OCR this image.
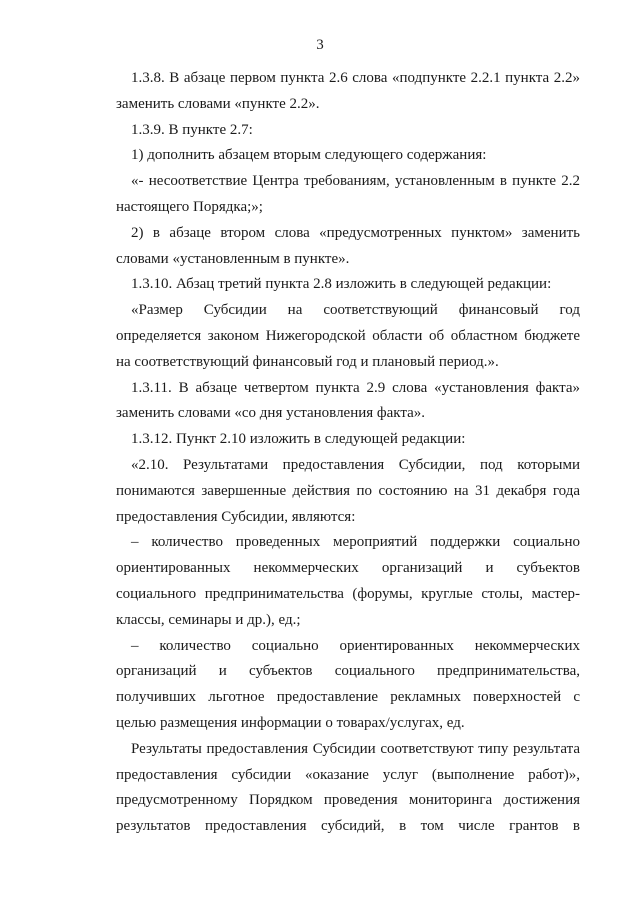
3

1.3.8. В абзаце первом пункта 2.6 слова «подпункте 2.2.1 пункта 2.2» заменить словами «пункте 2.2».

1.3.9. В пункте 2.7:

1) дополнить абзацем вторым следующего содержания:

«- несоответствие Центра требованиям, установленным в пункте 2.2 настоящего Порядка;»;

2) в абзаце втором слова «предусмотренных пунктом» заменить словами «установленным в пункте».

1.3.10. Абзац третий пункта 2.8 изложить в следующей редакции:

«Размер Субсидии на соответствующий финансовый год определяется законом Нижегородской области об областном бюджете на соответствующий финансовый год и плановый период.».

1.3.11. В абзаце четвертом пункта 2.9 слова «установления факта» заменить словами «со дня установления факта».

1.3.12. Пункт 2.10 изложить в следующей редакции:

«2.10. Результатами предоставления Субсидии, под которыми понимаются завершенные действия по состоянию на 31 декабря года предоставления Субсидии, являются:

– количество проведенных мероприятий поддержки социально ориентированных некоммерческих организаций и субъектов социального предпринимательства (форумы, круглые столы, мастер-классы, семинары и др.), ед.;

– количество социально ориентированных некоммерческих организаций и субъектов социального предпринимательства, получивших льготное предоставление рекламных поверхностей с целью размещения информации о товарах/услугах, ед.

Результаты предоставления Субсидии соответствуют типу результата предоставления субсидии «оказание услуг (выполнение работ)», предусмотренному Порядком проведения мониторинга достижения результатов предоставления субсидий, в том числе грантов в
